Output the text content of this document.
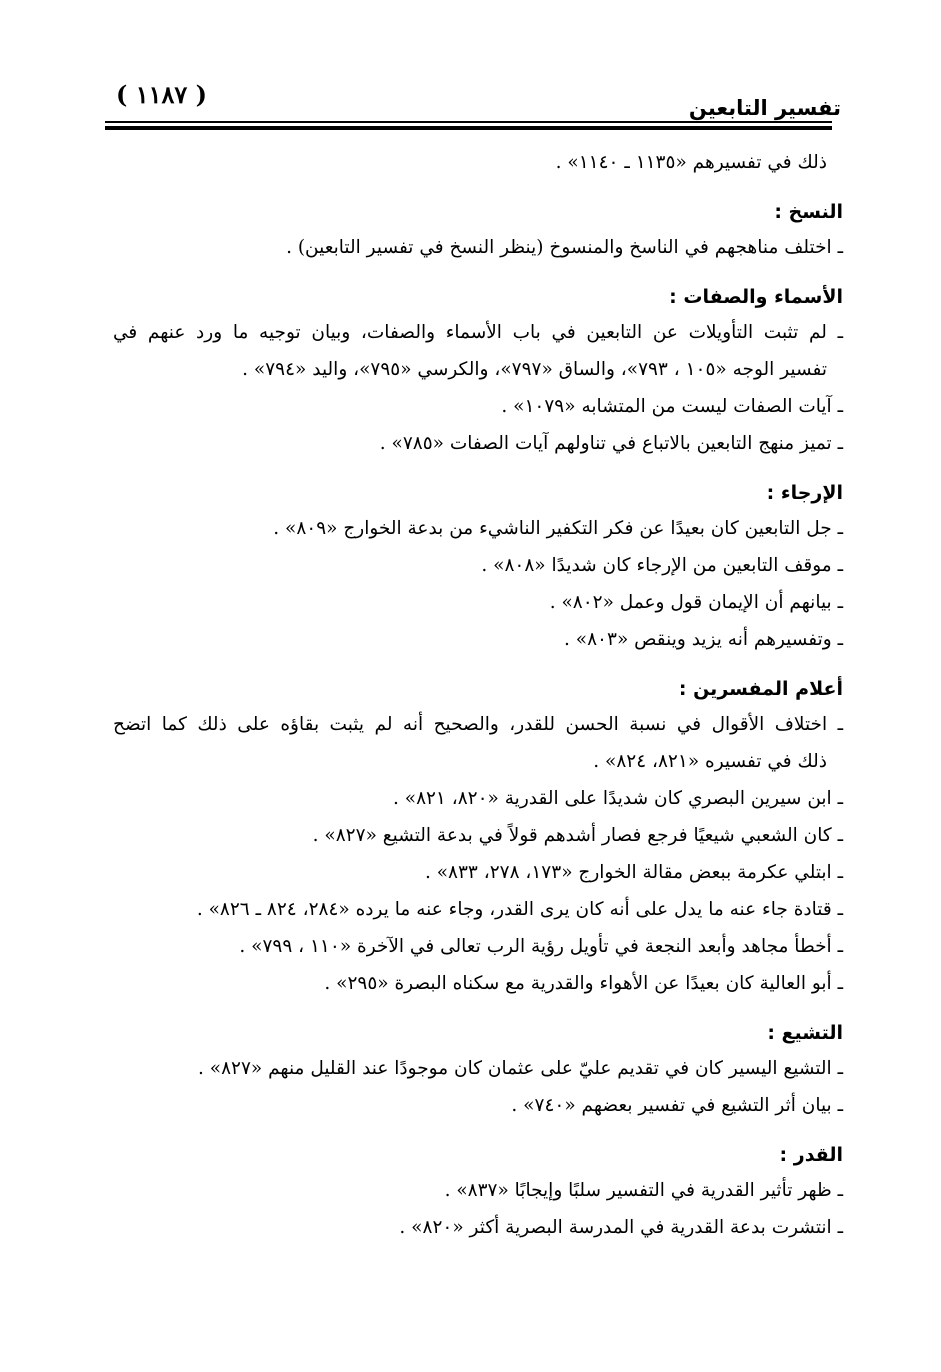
تفسير التابعين
( ١١٨٧ )
ذلك في تفسيرهم «١١٣٥ ـ ١١٤٠» .
النسخ :
ـ اختلف مناهجهم في الناسخ والمنسوخ (ينظر النسخ في تفسير التابعين) .
الأسماء والصفات :
ـ لم تثبت التأويلات عن التابعين في باب الأسماء والصفات، وبيان توجيه ما ورد عنهم في
تفسير الوجه «١٠٥ ، ٧٩٣»، والساق «٧٩٧»، والكرسي «٧٩٥»، واليد «٧٩٤» .
ـ آيات الصفات ليست من المتشابه «١٠٧٩» .
ـ تميز منهج التابعين بالاتباع في تناولهم آيات الصفات «٧٨٥» .
الإرجاء :
ـ جل التابعين كان بعيدًا عن فكر التكفير الناشيء من بدعة الخوارج «٨٠٩» .
ـ موقف التابعين من الإرجاء كان شديدًا «٨٠٨» .
ـ بيانهم أن الإيمان قول وعمل «٨٠٢» .
ـ وتفسيرهم أنه يزيد وينقص «٨٠٣» .
أعلام المفسرين :
ـ اختلاف الأقوال في نسبة الحسن للقدر، والصحيح أنه لم يثبت بقاؤه على ذلك كما اتضح
ذلك في تفسيره «٨٢١، ٨٢٤» .
ـ ابن سيرين البصري كان شديدًا على القدرية «٨٢٠، ٨٢١» .
ـ كان الشعبي شيعيًا فرجع فصار أشدهم قولاً في بدعة التشيع «٨٢٧» .
ـ ابتلي عكرمة ببعض مقالة الخوارج «١٧٣، ٢٧٨، ٨٣٣» .
ـ قتادة جاء عنه ما يدل على أنه كان يرى القدر، وجاء عنه ما يرده «٢٨٤، ٨٢٤ ـ ٨٢٦» .
ـ أخطأ مجاهد وأبعد النجعة في تأويل رؤية الرب تعالى في الآخرة «١١٠ ، ٧٩٩» .
ـ أبو العالية كان بعيدًا عن الأهواء والقدرية مع سكناه البصرة «٢٩٥» .
التشيع :
ـ التشيع اليسير كان في تقديم عليّ على عثمان كان موجودًا عند القليل منهم «٨٢٧» .
ـ بيان أثر التشيع في تفسير بعضهم «٧٤٠» .
القدر :
ـ ظهر تأثير القدرية في التفسير سلبًا وإيجابًا «٨٣٧» .
ـ انتشرت بدعة القدرية في المدرسة البصرية أكثر «٨٢٠» .
